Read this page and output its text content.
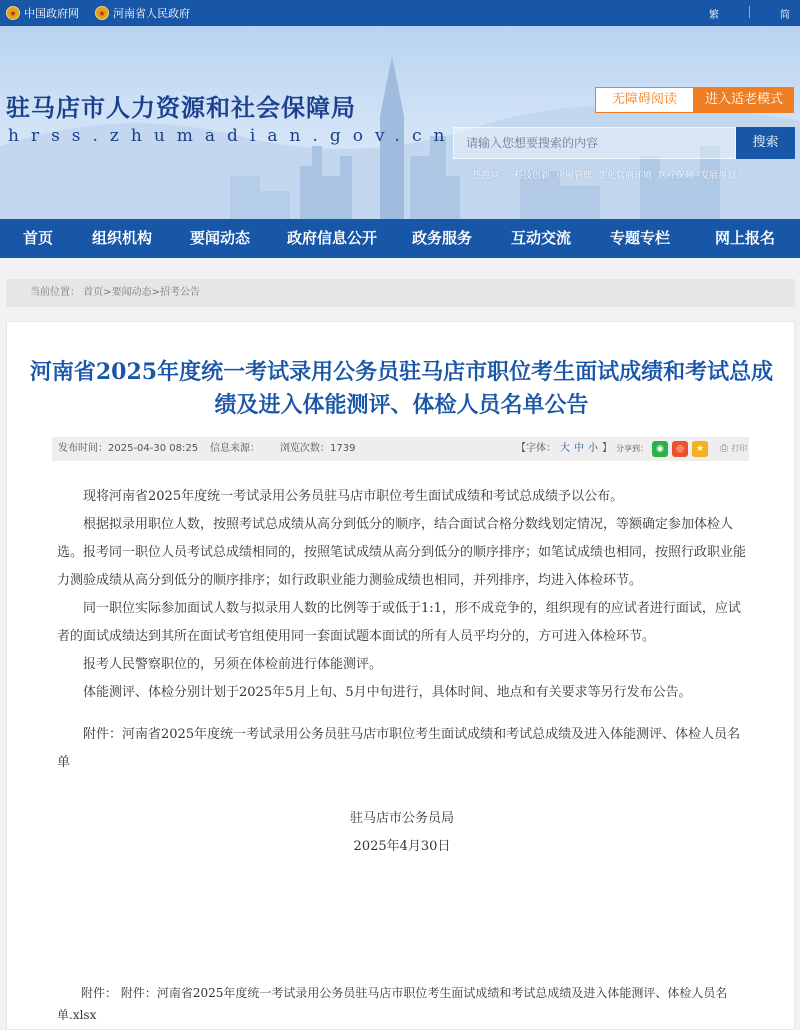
★ 中国政府网	★ 河南省人民政府	繁	简
驻马店市人力资源和社会保障局
hrss.zhumadian.gov.cn
无障碍阅读	进入适老模式
请输入您想要搜索的内容	搜索
热搜词： 科技创新 房屋管理 优化营商环境 医疗保障 发展规划
首页	组织机构	要闻动态	政府信息公开	政务服务	互动交流	专题专栏	网上报名
当前位置： 首页>要闻动态>招考公告
河南省2025年度统一考试录用公务员驻马店市职位考生面试成绩和考试总成绩及进入体能测评、体检人员名单公告
发布时间：2025-04-30 08:25 信息来源： 浏览次数：1739	【字体： 大 中 小 】 分享到： ◉	◎	★	⎙ 打印

现将河南省2025年度统一考试录用公务员驻马店市职位考生面试成绩和考试总成绩予以公布。

根据拟录用职位人数，按照考试总成绩从高分到低分的顺序，结合面试合格分数线划定情况，等额确定参加体检人选。报考同一职位人员考试总成绩相同的，按照笔试成绩从高分到低分的顺序排序；如笔试成绩也相同，按照行政职业能力测验成绩从高分到低分的顺序排序；如行政职业能力测验成绩也相同，并列排序，均进入体检环节。

同一职位实际参加面试人数与拟录用人数的比例等于或低于1:1，形不成竞争的，组织现有的应试者进行面试，应试者的面试成绩达到其所在面试考官组使用同一套面试题本面试的所有人员平均分的，方可进入体检环节。

报考人民警察职位的，另须在体检前进行体能测评。

体能测评、体检分别计划于2025年5月上旬、5月中旬进行，具体时间、地点和有关要求等另行发布公告。

附件：河南省2025年度统一考试录用公务员驻马店市职位考生面试成绩和考试总成绩及进入体能测评、体检人员名单

驻马店市公务员局

2025年4月30日

附件： 附件：河南省2025年度统一考试录用公务员驻马店市职位考生面试成绩和考试总成绩及进入体能测评、体检人员名单.xlsx
